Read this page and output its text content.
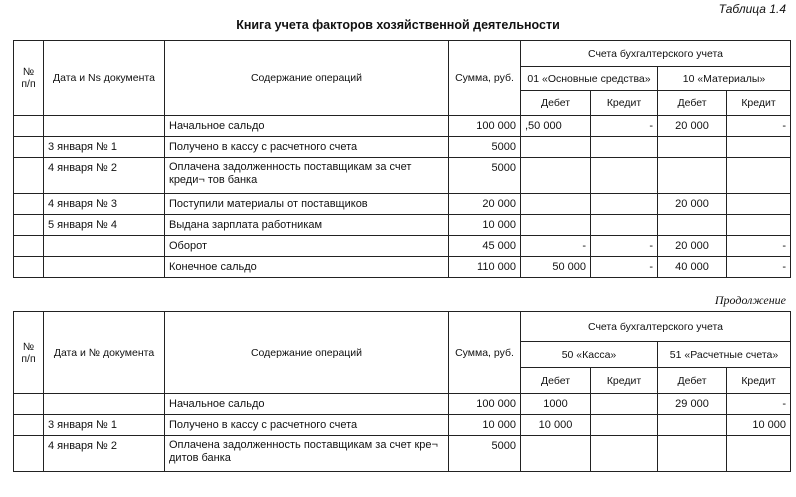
Таблица 1.4
Книга учета факторов хозяйственной деятельности
№ п/п	Дата и Ns документа	Содержание операций	Сумма, руб.	Счета бухгалтерского учета			
				01 «Основные средства»		10 «Материалы»	
				Дебет	Кредит	Дебет	Кредит
		Начальное сальдо	100 000	,50 000	-	20 000	-
	3 января № 1	Получено в кассу с расчетного счета	5000				
	4 января № 2	Оплачена задолженность поставщикам за счет креди¬ тов банка	5000				
	4 января № 3	Поступили материалы от поставщиков	20 000			20 000	
	5 января № 4	Выдана зарплата работникам	10 000				
		Оборот	45 000	-	-	20 000	-
		Конечное сальдо	110 000	50 000	-	40 000	-
Продолжение
№ п/п	Дата и № документа	Содержание операций	Сумма, руб.	Счета бухгалтерского учета			
				50 «Касса»		51 «Расчетные счета»	
				Дебет	Кредит	Дебет	Кредит
		Начальное сальдо	100 000	1000		29 000	-
	3 января № 1	Получено в кассу с расчетного счета	10 000	10 000			10 000
	4 января № 2	Оплачена задолженность поставщикам за счет кре¬ дитов банка	5000				
